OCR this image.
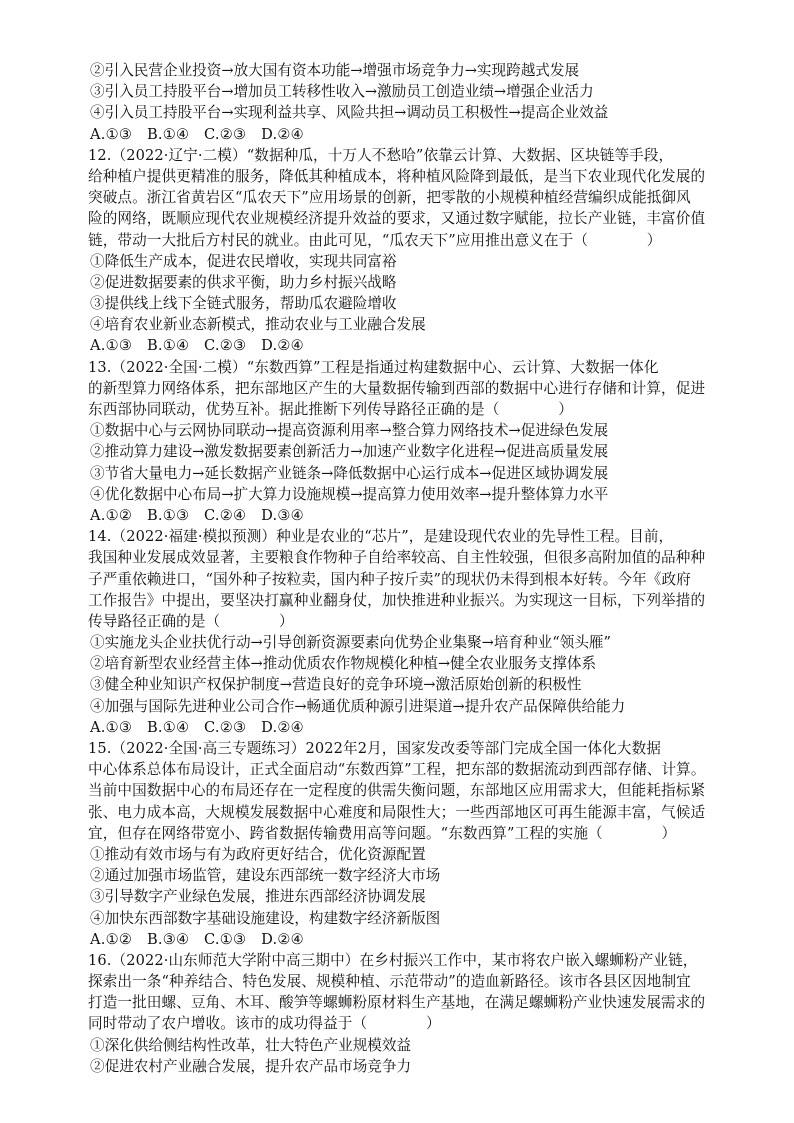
②引入民营企业投资→放大国有资本功能→增强市场竞争力→实现跨越式发展
③引入员工持股平台→增加员工转移性收入→激励员工创造业绩→增强企业活力
④引入员工持股平台→实现利益共享、风险共担→调动员工积极性→提高企业效益
A.①③　B.①④　C.②③　D.②④
12.（2022·辽宁·二模）“数据种瓜，十万人不愁哈”依靠云计算、大数据、区块链等手段，
给种植户提供更精准的服务，降低其种植成本，将种植风险降到最低，是当下农业现代化发展的
突破点。浙江省黄岩区“瓜农天下”应用场景的创新，把零散的小规模种植经营编织成能抵御风
险的网络，既顺应现代农业规模经济提升效益的要求，又通过数字赋能，拉长产业链，丰富价值
链，带动一大批后方村民的就业。由此可见，“瓜农天下”应用推出意义在于（　　　　）
①降低生产成本，促进农民增收，实现共同富裕
②促进数据要素的供求平衡，助力乡村振兴战略
③提供线上线下全链式服务，帮助瓜农避险增收
④培育农业新业态新模式，推动农业与工业融合发展
A.①③　B.①④　C.②③　D.②④
13.（2022·全国·二模）“东数西算”工程是指通过构建数据中心、云计算、大数据一体化
的新型算力网络体系，把东部地区产生的大量数据传输到西部的数据中心进行存储和计算，促进
东西部协同联动，优势互补。据此推断下列传导路径正确的是（　　　　）
①数据中心与云网协同联动→提高资源利用率→整合算力网络技术→促进绿色发展
②推动算力建设→激发数据要素创新活力→加速产业数字化进程→促进高质量发展
③节省大量电力→延长数据产业链条→降低数据中心运行成本→促进区域协调发展
④优化数据中心布局→扩大算力设施规模→提高算力使用效率→提升整体算力水平
A.①②　B.①③　C.②④　D.③④
14.（2022·福建·模拟预测）种业是农业的“芯片”，是建设现代农业的先导性工程。目前，
我国种业发展成效显著，主要粮食作物种子自给率较高、自主性较强，但很多高附加值的品种种
子严重依赖进口，“国外种子按粒卖，国内种子按斤卖”的现状仍未得到根本好转。今年《政府
工作报告》中提出，要坚决打赢种业翻身仗，加快推进种业振兴。为实现这一目标，下列举措的
传导路径正确的是（　　　　）
①实施龙头企业扶优行动→引导创新资源要素向优势企业集聚→培育种业“领头雁”
②培育新型农业经营主体→推动优质农作物规模化种植→健全农业服务支撑体系
③健全种业知识产权保护制度→营造良好的竞争环境→激活原始创新的积极性
④加强与国际先进种业公司合作→畅通优质种源引进渠道→提升农产品保障供给能力
A.①③　B.①④　C.②③　D.②④
15.（2022·全国·高三专题练习）2022年2月，国家发改委等部门完成全国一体化大数据
中心体系总体布局设计，正式全面启动“东数西算”工程，把东部的数据流动到西部存储、计算。
当前中国数据中心的布局还存在一定程度的供需失衡问题，东部地区应用需求大，但能耗指标紧
张、电力成本高，大规模发展数据中心难度和局限性大；一些西部地区可再生能源丰富，气候适
宜，但存在网络带宽小、跨省数据传输费用高等问题。“东数西算”工程的实施（　　　　）
①推动有效市场与有为政府更好结合，优化资源配置
②通过加强市场监管，建设东西部统一数字经济大市场
③引导数字产业绿色发展，推进东西部经济协调发展
④加快东西部数字基础设施建设，构建数字经济新版图
A.①②　B.③④　C.①③　D.②④
16.（2022·山东师范大学附中高三期中）在乡村振兴工作中，某市将农户嵌入螺蛳粉产业链，
探索出一条“种养结合、特色发展、规模种植、示范带动”的造血新路径。该市各县区因地制宜
打造一批田螺、豆角、木耳、酸笋等螺蛳粉原材料生产基地，在满足螺蛳粉产业快速发展需求的
同时带动了农户增收。该市的成功得益于（　　　　）
①深化供给侧结构性改革，壮大特色产业规模效益
②促进农村产业融合发展，提升农产品市场竞争力
